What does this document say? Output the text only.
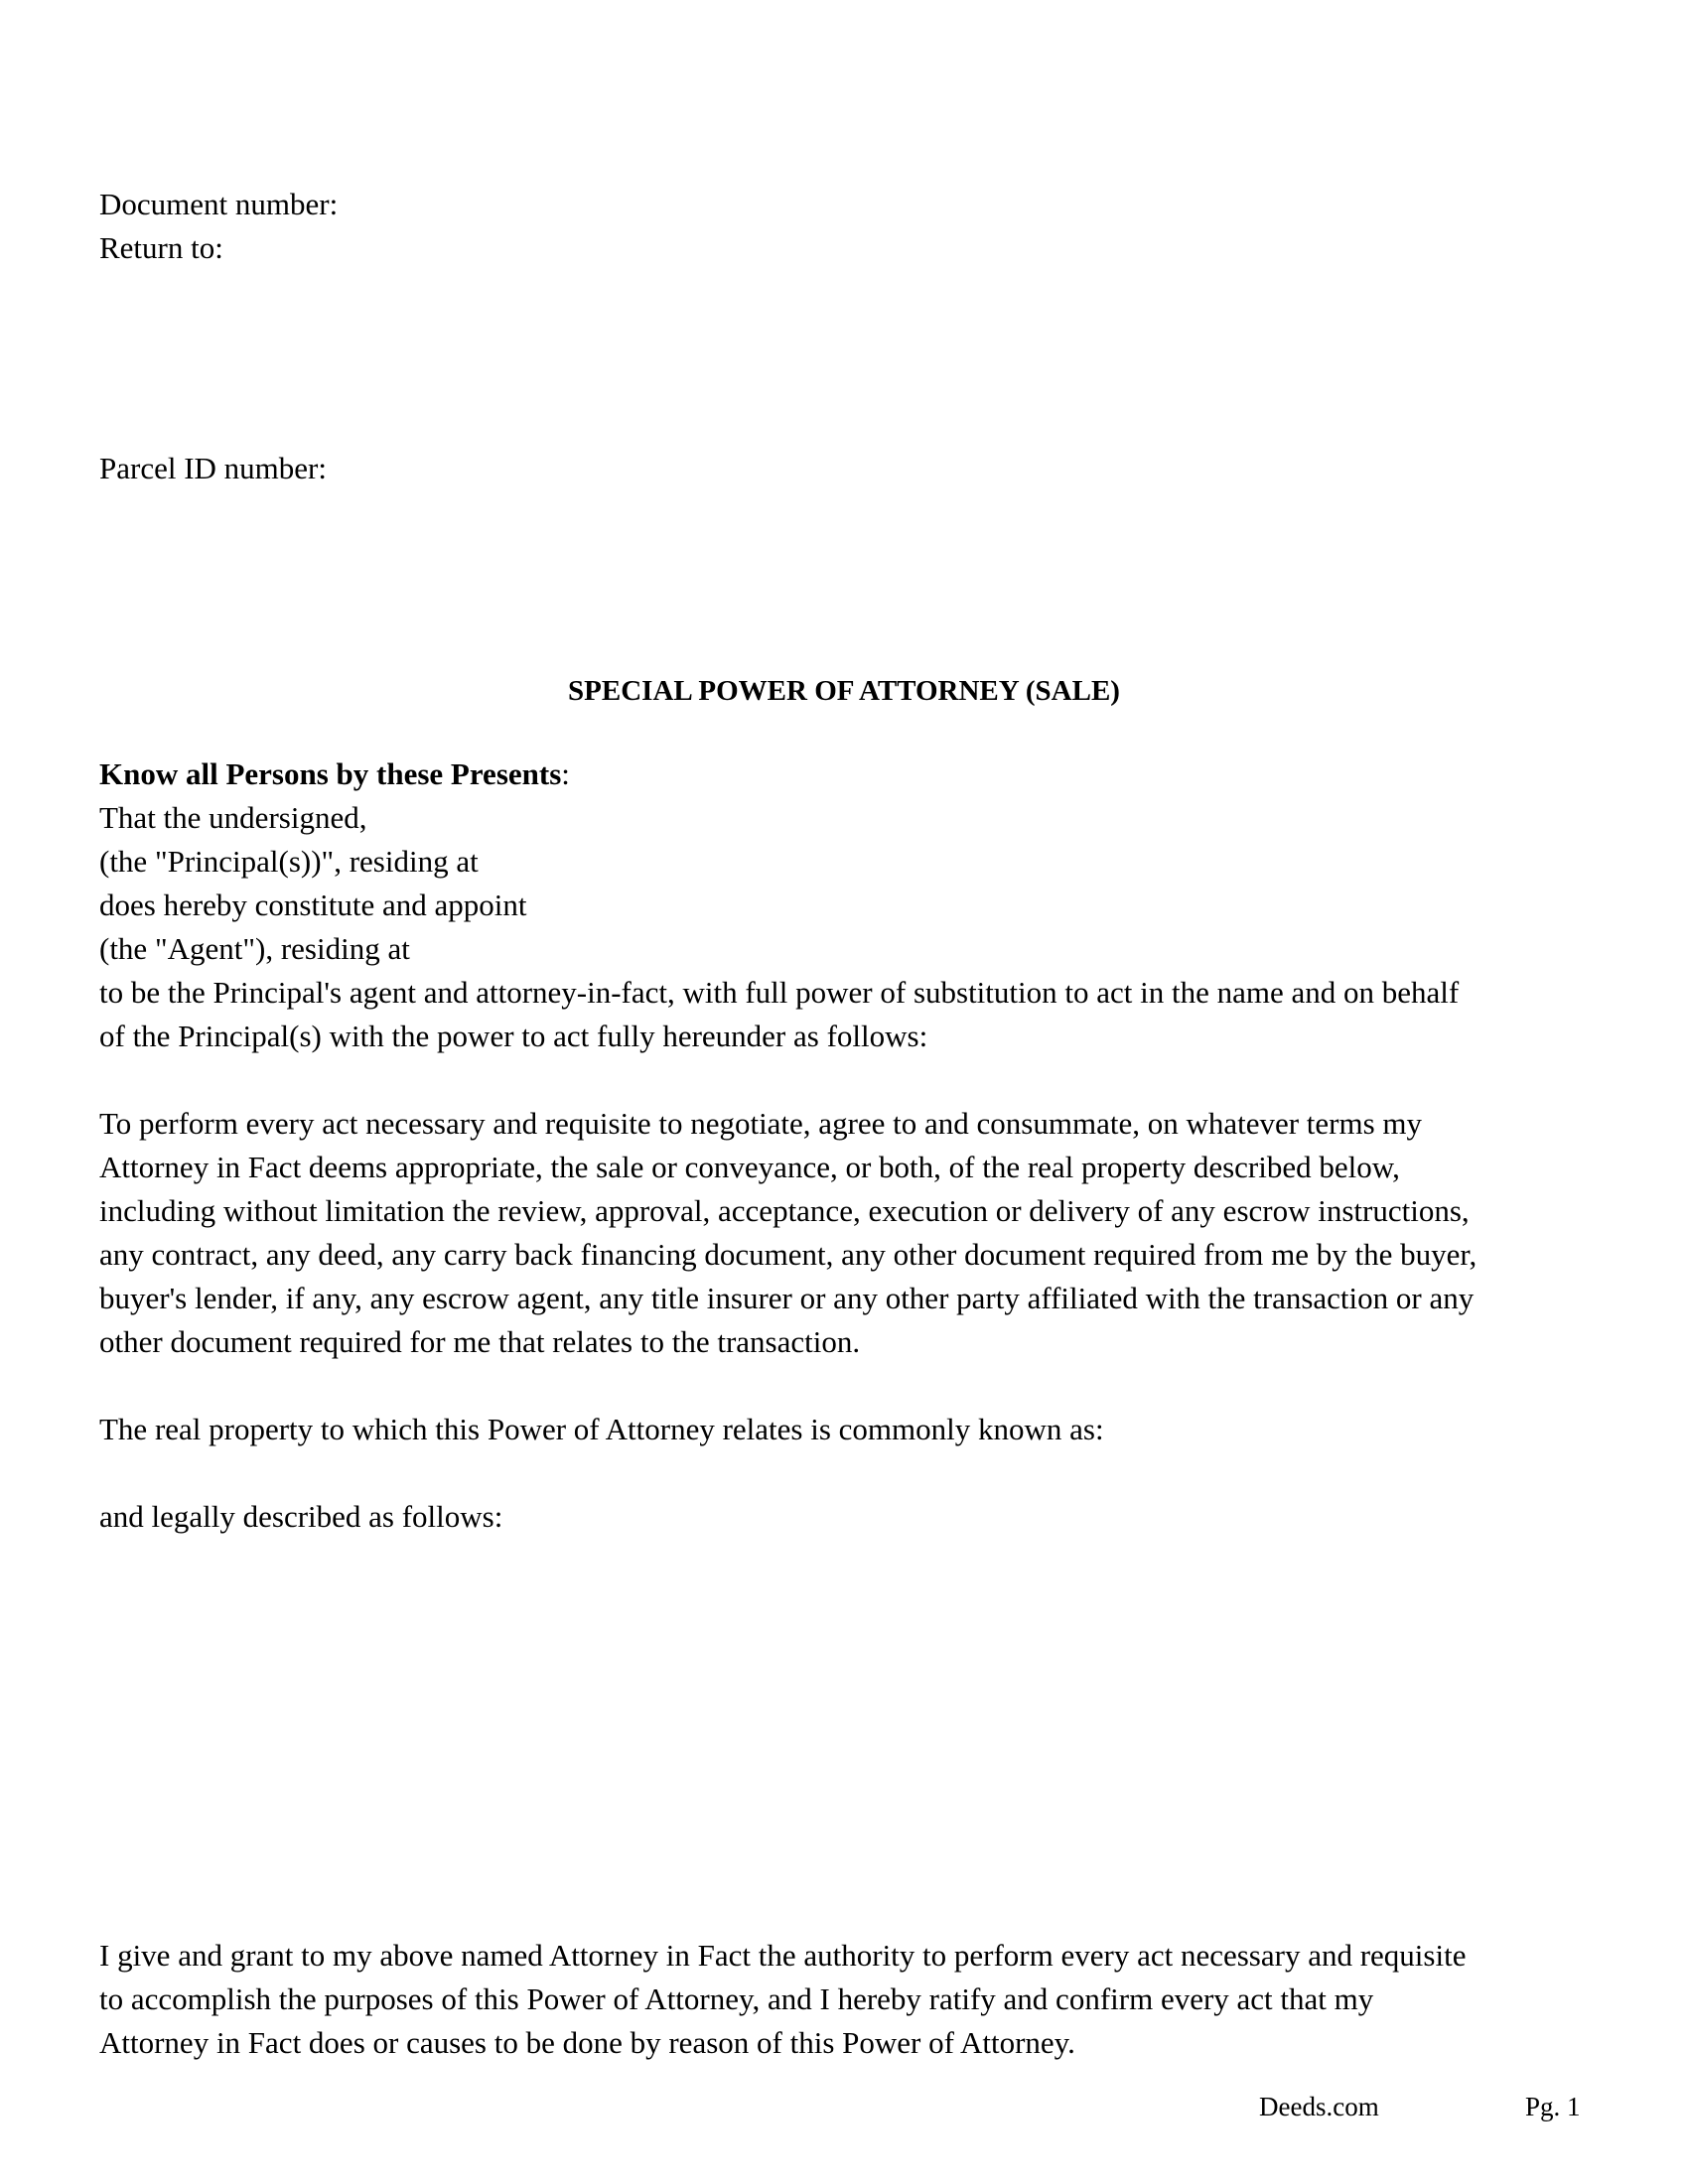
Document number:
Return to:
Parcel ID number:
SPECIAL POWER OF ATTORNEY (SALE)
Know all Persons by these Presents:
That the undersigned,
(the "Principal(s))", residing at
does hereby constitute and appoint
(the "Agent"), residing at
to be the Principal's agent and attorney-in-fact, with full power of substitution to act in the name and on behalf
of the Principal(s) with the power to act fully hereunder as follows:
To perform every act necessary and requisite to negotiate, agree to and consummate, on whatever terms my
Attorney in Fact deems appropriate, the sale or conveyance, or both, of the real property described below,
including without limitation the review, approval, acceptance, execution or delivery of any escrow instructions,
any contract, any deed, any carry back financing document, any other document required from me by the buyer,
buyer's lender, if any, any escrow agent, any title insurer or any other party affiliated with the transaction or any
other document required for me that relates to the transaction.
The real property to which this Power of Attorney relates is commonly known as:
and legally described as follows:
I give and grant to my above named Attorney in Fact the authority to perform every act necessary and requisite
to accomplish the purposes of this Power of Attorney, and I hereby ratify and confirm every act that my
Attorney in Fact does or causes to be done by reason of this Power of Attorney.
Deeds.com	Pg. 1
